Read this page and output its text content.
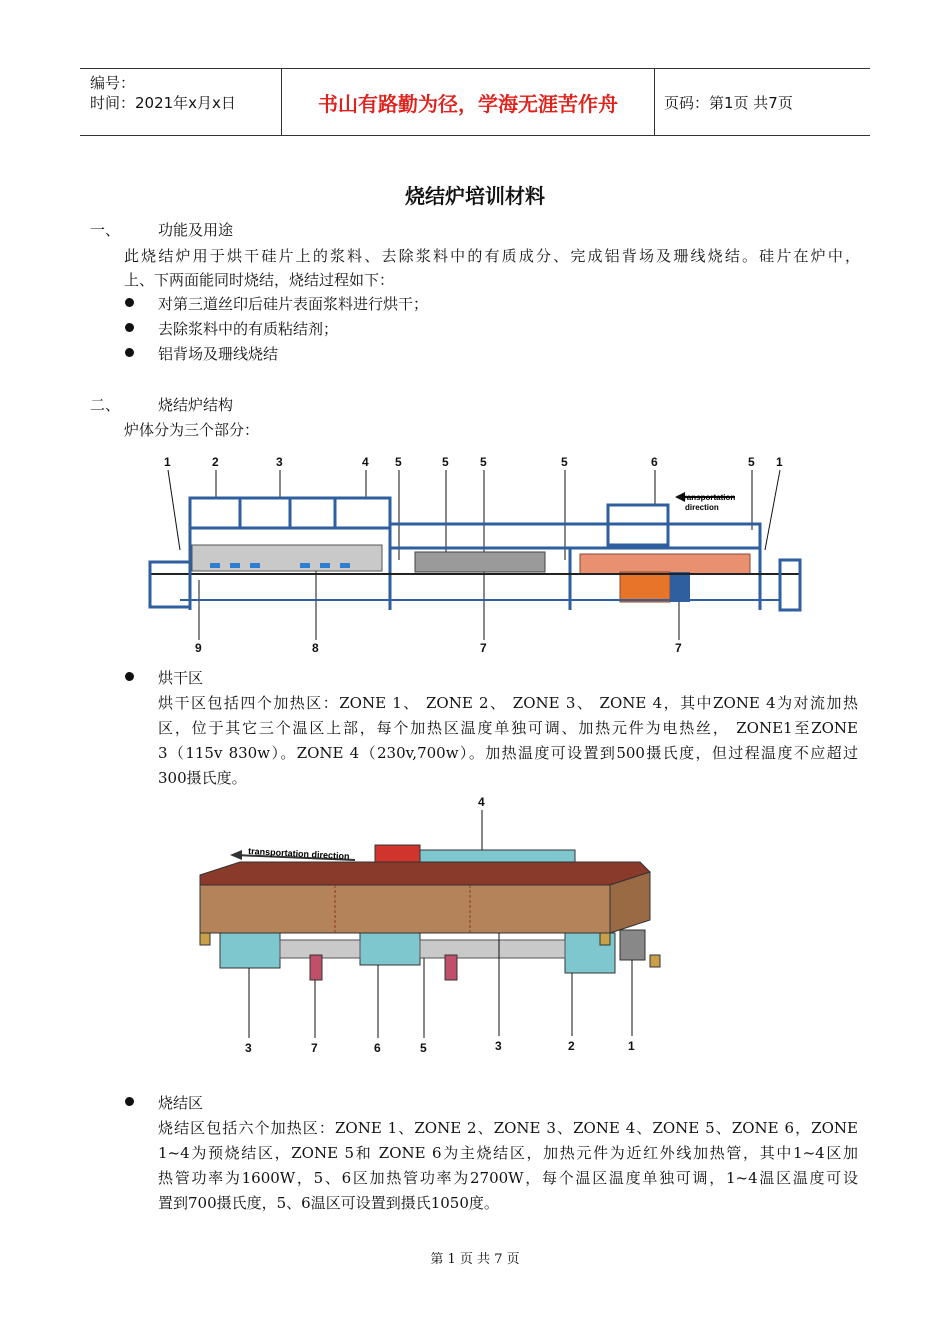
编号：
时间：2021年x月x日	书山有路勤为径，学海无涯苦作舟	页码：第1页 共7页
烧结炉培训材料
一、	功能及用途
此烧结炉用于烘干硅片上的浆料、去除浆料中的有质成分、完成铝背场及珊线烧结。硅片在炉中，
上、下两面能同时烧结，烧结过程如下：
对第三道丝印后硅片表面浆料进行烘干；
去除浆料中的有质粘结剂；
铝背场及珊线烧结
二、	烧结炉结构
炉体分为三个部分：
1	2	3	4 5	5	5	5	6	5 1
9	8	7	7
transportation
direction
烘干区
烘干区包括四个加热区：ZONE 1、 ZONE 2、 ZONE 3、 ZONE 4，其中ZONE 4为对流加热
区，位于其它三个温区上部，每个加热区温度单独可调、加热元件为电热丝， ZONE1至ZONE
3（115v 830w）。ZONE 4（230v,700w）。加热温度可设置到500摄氏度，但过程温度不应超过
300摄氏度。
4
transportation direction
3	7	6	5	3	2	1
烧结区
烧结区包括六个加热区：ZONE 1、ZONE 2、ZONE 3、ZONE 4、ZONE 5、ZONE 6，ZONE
1~4为预烧结区，ZONE 5和 ZONE 6为主烧结区，加热元件为近红外线加热管，其中1~4区加
热管功率为1600W，5、6区加热管功率为2700W，每个温区温度单独可调，1~4温区温度可设
置到700摄氏度，5、6温区可设置到摄氏1050度。
第 1 页 共 7 页
